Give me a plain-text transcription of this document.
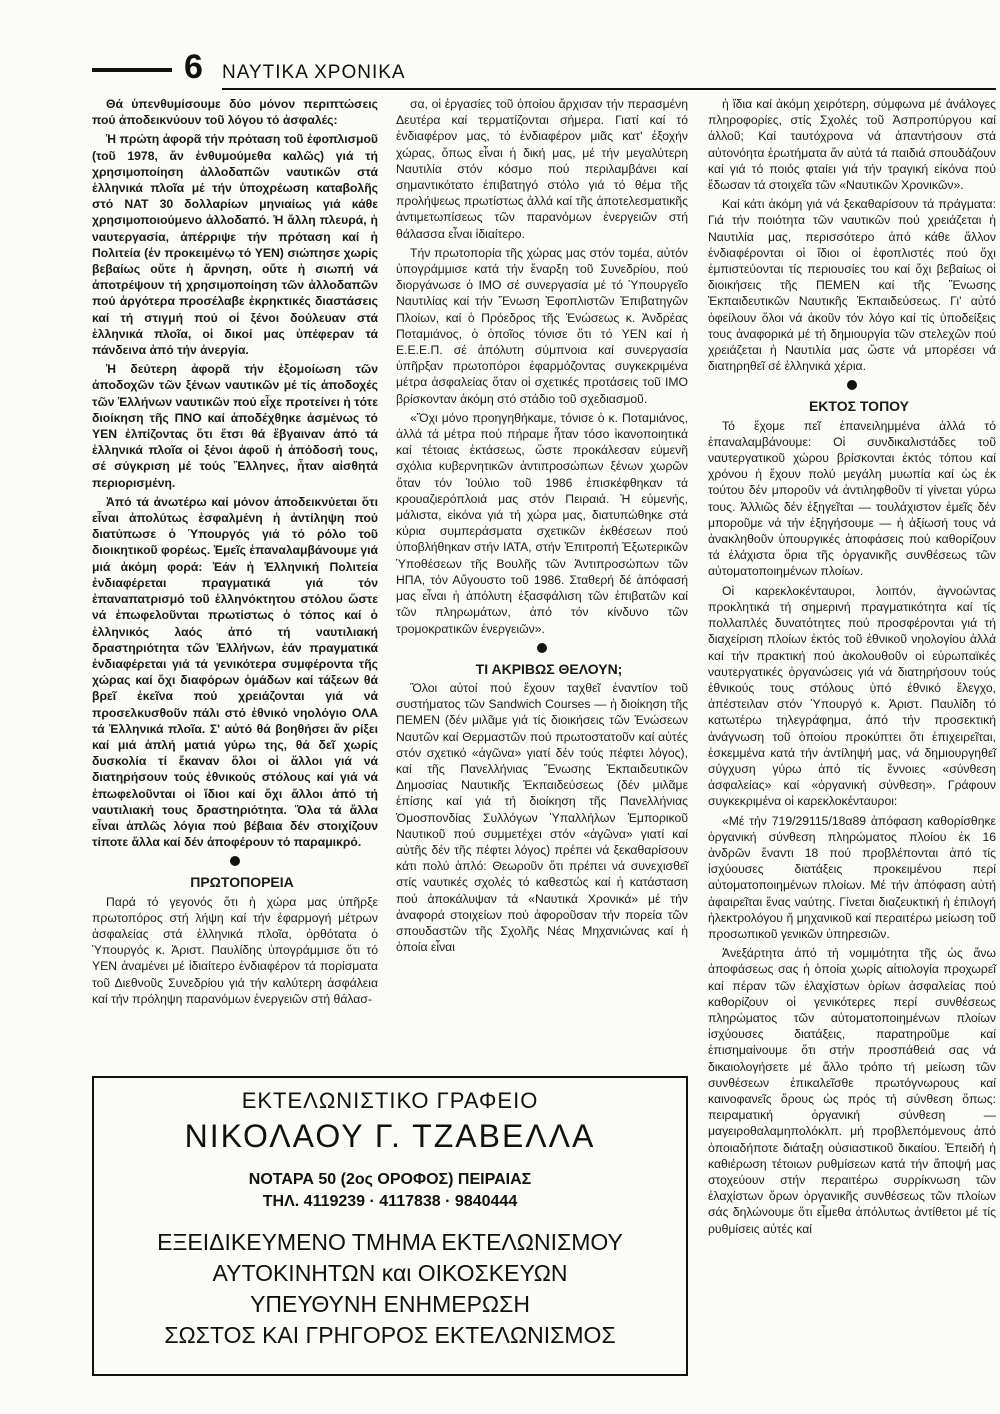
6 ΝΑΥΤΙΚΑ ΧΡΟΝΙΚΑ

Θά ὑπενθυμίσουμε δύο μόνον περιπτώσεις πού ἀποδεικνύουν τοῦ λόγου τό ἀσφαλές:

Ἡ πρώτη ἀφορᾶ τήν πρόταση τοῦ ἐφοπλισμοῦ (τοῦ 1978, ἄν ἐνθυμούμεθα καλῶς) γιά τή χρησιμοποίηση ἀλλοδαπῶν ναυτικῶν στά ἑλληνικά πλοῖα μέ τήν ὑποχρέωση καταβολῆς στό ΝΑΤ 30 δολλαρίων μηνιαίως γιά κάθε χρησιμοποιούμενο ἀλλοδαπό. Ἡ ἄλλη πλευρά, ἡ ναυτεργασία, ἀπέρριψε τήν πρόταση καί ἡ Πολιτεία (ἐν προκειμένῳ τό ΥΕΝ) σιώπησε χωρίς βεβαίως οὔτε ἡ ἄρνηση, οὔτε ἡ σιωπή νά ἀποτρέψουν τή χρησιμοποίηση τῶν ἀλλοδαπῶν πού ἀργότερα προσέλαβε ἐκρηκτικές διαστάσεις καί τή στιγμή πού οἱ ξένοι δούλευαν στά ἑλληνικά πλοῖα, οἱ δικοί μας ὑπέφεραν τά πάνδεινα ἀπό τήν ἀνεργία.

Ἡ δεύτερη ἀφορᾶ τήν ἐξομοίωση τῶν ἀποδοχῶν τῶν ξένων ναυτικῶν μέ τίς ἀποδοχές τῶν Ἑλλήνων ναυτικῶν πού εἶχε προτείνει ἡ τότε διοίκηση τῆς ΠΝΟ καί ἀποδέχθηκε ἀσμένως τό ΥΕΝ ἐλπίζοντας ὅτι ἔτσι θά ἔβγαιναν ἀπό τά ἑλληνικά πλοῖα οἱ ξένοι ἀφοῦ ἡ ἀπόδοσή τους, σέ σύγκριση μέ τούς Ἕλληνες, ἦταν αἰσθητά περιορισμένη.

Ἀπό τά ἀνωτέρω καί μόνον ἀποδεικνύεται ὅτι εἶναι ἀπολύτως ἐσφαλμένη ἡ ἀντίληψη πού διατύπωσε ὁ Ὑπουργός γιά τό ρόλο τοῦ διοικητικοῦ φορέως. Ἐμεῖς ἐπαναλαμβάνουμε γιά μιά ἀκόμη φορά: Ἐάν ἡ Ἑλληνική Πολιτεία ἐνδιαφέρεται πραγματικά γιά τόν ἐπαναπατρισμό τοῦ ἑλληνόκτητου στόλου ὥστε νά ἐπωφελοῦνται πρωτίστως ὁ τόπος καί ὁ ἑλληνικός λαός ἀπό τή ναυτιλιακή δραστηριότητα τῶν Ἑλλήνων, ἐάν πραγματικά ἐνδιαφέρεται γιά τά γενικότερα συμφέροντα τῆς χώρας καί ὄχι διαφόρων ὁμάδων καί τάξεων θά βρεῖ ἐκεῖνα πού χρειάζονται γιά νά προσελκυσθοῦν πάλι στό ἐθνικό νηολόγιο ΟΛΑ τά Ἑλληνικά πλοῖα. Σ' αὐτό θά βοηθήσει ἄν ρίξει καί μιά ἁπλή ματιά γύρω της, θά δεῖ χωρίς δυσκολία τί ἔκαναν ὅλοι οἱ ἄλλοι γιά νά διατηρήσουν τούς ἐθνικούς στόλους καί γιά νά ἐπωφελοῦνται οἱ ἴδιοι καί ὄχι ἄλλοι ἀπό τή ναυτιλιακή τους δραστηριότητα. Ὅλα τά ἄλλα εἶναι ἁπλῶς λόγια πού βέβαια δέν στοιχίζουν τίποτε ἄλλα καί δέν ἀποφέρουν τό παραμικρό.

ΠΡΩΤΟΠΟΡΕΙΑ

Παρά τό γεγονός ὅτι ἡ χώρα μας ὑπῆρξε πρωτοπόρος στή λήψη καί τήν ἐφαρμογή μέτρων ἀσφαλείας στά ἑλληνικά πλοῖα, ὀρθότατα ὁ Ὑπουργός κ. Ἀριστ. Παυλίδης ὑπογράμμισε ὅτι τό ΥΕΝ ἀναμένει μέ ἰδιαίτερο ἐνδιαφέρον τά πορίσματα τοῦ Διεθνοῦς Συνεδρίου γιά τήν καλύτερη ἀσφάλεια καί τήν πρόληψη παρανόμων ἐνεργειῶν στή θάλασ-

σα, οἱ ἐργασίες τοῦ ὁποίου ἄρχισαν τήν περασμένη Δευτέρα καί τερματίζονται σήμερα. Γιατί καί τό ἐνδιαφέρον μας, τό ἐνδιαφέρον μιᾶς κατ' ἐξοχήν χώρας, ὅπως εἶναι ἡ δική μας, μέ τήν μεγαλύτερη Ναυτιλία στόν κόσμο πού περιλαμβάνει καί σημαντικότατο ἐπιβατηγό στόλο γιά τό θέμα τῆς προλήψεως πρωτίστως ἀλλά καί τῆς ἀποτελεσματικῆς ἀντιμετωπίσεως τῶν παρανόμων ἐνεργειῶν στή θάλασσα εἶναι ἰδιαίτερο.

Τήν πρωτοπορία τῆς χώρας μας στόν τομέα, αὐτόν ὑπογράμμισε κατά τήν ἔναρξη τοῦ Συνεδρίου, πού διοργάνωσε ὁ ΙΜΟ σέ συνεργασία μέ τό Ὑπουργεῖο Ναυτιλίας καί τήν Ἕνωση Ἐφοπλιστῶν Ἐπιβατηγῶν Πλοίων, καί ὁ Πρόεδρος τῆς Ἑνώσεως κ. Ἀνδρέας Ποταμιάνος, ὁ ὁποῖος τόνισε ὅτι τό ΥΕΝ καί ἡ Ε.Ε.Ε.Π. σέ ἀπόλυτη σύμπνοια καί συνεργασία ὑπῆρξαν πρωτοπόροι ἐφαρμόζοντας συγκεκριμένα μέτρα ἀσφαλείας ὅταν οἱ σχετικές προτάσεις τοῦ ΙΜΟ βρίσκονταν ἀκόμη στό στάδιο τοῦ σχεδιασμοῦ.

«Ὄχι μόνο προηγηθήκαμε, τόνισε ὁ κ. Ποταμιάνος, ἀλλά τά μέτρα πού πήραμε ἦταν τόσο ἱκανοποιητικά καί τέτοιας ἐκτάσεως, ὥστε προκάλεσαν εὐμενῆ σχόλια κυβερνητικῶν ἀντιπροσώπων ξένων χωρῶν ὅταν τόν Ἰούλιο τοῦ 1986 ἐπισκέφθηκαν τά κρουαζιερόπλοιά μας στόν Πειραιά. Ἡ εὐμενής, μάλιστα, εἰκόνα γιά τή χώρα μας, διατυπώθηκε στά κύρια συμπεράσματα σχετικῶν ἐκθέσεων πού ὑποβλήθηκαν στήν ΙΑΤΑ, στήν Ἐπιτροπή Ἐξωτερικῶν Ὑποθέσεων τῆς Βουλῆς τῶν Ἀντιπροσώπων τῶν ΗΠΑ, τόν Αὔγουστο τοῦ 1986. Σταθερή δέ ἀπόφασή μας εἶναι ἡ ἀπόλυτη ἐξασφάλιση τῶν ἐπιβατῶν καί τῶν πληρωμάτων, ἀπό τόν κίνδυνο τῶν τρομοκρατικῶν ἐνεργειῶν».

ΤΙ ΑΚΡΙΒΩΣ ΘΕΛΟΥΝ;

Ὅλοι αὐτοί πού ἔχουν ταχθεῖ ἐναντίον τοῦ συστήματος τῶν Sandwich Courses — ἡ διοίκηση τῆς ΠΕΜΕΝ (δέν μιλᾶμε γιά τίς διοικήσεις τῶν Ἑνώσεων Ναυτῶν καί Θερμαστῶν πού πρωτοστατοῦν καί αὐτές στόν σχετικό «ἀγῶνα» γιατί δέν τούς πέφτει λόγος), καί τῆς Πανελλήνιας Ἕνωσης Ἐκπαιδευτικῶν Δημοσίας Ναυτικῆς Ἐκπαιδεύσεως (δέν μιλᾶμε ἐπίσης καί γιά τή διοίκηση τῆς Πανελλήνιας Ὁμοσπονδίας Συλλόγων Ὑπαλλήλων Ἐμπορικοῦ Ναυτικοῦ πού συμμετέχει στόν «ἀγῶνα» γιατί καί αὐτῆς δέν τῆς πέφτει λόγος) πρέπει νά ξεκαθαρίσουν κάτι πολύ ἁπλό: Θεωροῦν ὅτι πρέπει νά συνεχισθεῖ στίς ναυτικές σχολές τό καθεστώς καί ἡ κατάσταση πού ἀποκάλυψαν τά «Ναυτικά Χρονικά» μέ τήν ἀναφορά στοιχείων πού ἀφοροῦσαν τήν πορεία τῶν σπουδαστῶν τῆς Σχολῆς Νέας Μηχανιώνας καί ἡ ὁποία εἶναι

ἡ ἴδια καί ἀκόμη χειρότερη, σύμφωνα μέ ἀνάλογες πληροφορίες, στίς Σχολές τοῦ Ἀσπροπύργου καί ἀλλοῦ; Καί ταυτόχρονα νά ἀπαντήσουν στά αὐτονόητα ἐρωτήματα ἄν αὐτά τά παιδιά σπουδάζουν καί γιά τό ποιός φταίει γιά τήν τραγική εἰκόνα πού ἔδωσαν τά στοιχεῖα τῶν «Ναυτικῶν Χρονικῶν».

Καί κάτι ἀκόμη γιά νά ξεκαθαρίσουν τά πράγματα: Γιά τήν ποιότητα τῶν ναυτικῶν πού χρειάζεται ἡ Ναυτιλία μας, περισσότερο ἀπό κάθε ἄλλον ἐνδιαφέρονται οἱ ἴδιοι οἱ ἐφοπλιστές πού ὄχι ἐμπιστεύονται τίς περιουσίες του καί ὄχι βεβαίως οἱ διοικήσεις τῆς ΠΕΜΕΝ καί τῆς Ἕνωσης Ἐκπαιδευτικῶν Ναυτικῆς Ἐκπαιδεύσεως. Γι' αὐτό ὀφείλουν ὅλοι νά ἀκοῦν τόν λόγο καί τίς ὑποδείξεις τους ἀναφορικά μέ τή δημιουργία τῶν στελεχῶν πού χρειάζεται ἡ Ναυτιλία μας ὥστε νά μπορέσει νά διατηρηθεῖ σέ ἑλληνικά χέρια.

ΕΚΤΟΣ ΤΟΠΟΥ

Τό ἔχομε πεῖ ἐπανειλημμένα ἀλλά τό ἐπαναλαμβάνουμε: Οἱ συνδικαλιστάδες τοῦ ναυτεργατικοῦ χώρου βρίσκονται ἐκτός τόπου καί χρόνου ἡ ἔχουν πολύ μεγάλη μυωπία καί ὡς ἐκ τούτου δέν μποροῦν νά ἀντιληφθοῦν τί γίνεται γύρω τους. Ἀλλιῶς δέν ἐξηγεῖται — τουλάχιστον ἐμεῖς δέν μποροῦμε νά τήν ἐξηγήσουμε — ἡ ἀξίωσή τους νά ἀνακληθοῦν ὑπουργικές ἀποφάσεις πού καθορίζουν τά ἐλάχιστα ὅρια τῆς ὀργανικῆς συνθέσεως τῶν αὐτοματοποιημένων πλοίων.

Οἱ καρεκλοκένταυροι, λοιπόν, ἀγνοώντας προκλητικά τή σημερινή πραγματικότητα καί τίς πολλαπλές δυνατότητες πού προσφέρονται γιά τή διαχείριση πλοίων ἐκτός τοῦ ἐθνικοῦ νηολογίου ἀλλά καί τήν πρακτική πού ἀκολουθοῦν οἱ εὐρωπαϊκές ναυτεργατικές ὀργανώσεις γιά νά διατηρήσουν τούς ἐθνικούς τους στόλους ὑπό ἐθνικό ἔλεγχο, ἀπέστειλαν στόν Ὑπουργό κ. Ἀριστ. Παυλίδη τό κατωτέρω τηλεγράφημα, ἀπό τήν προσεκτική ἀνάγνωση τοῦ ὁποίου προκύπτει ὅτι ἐπιχειρεῖται, ἐσκεμμένα κατά τήν ἀντίληψή μας, νά δημιουργηθεῖ σύγχυση γύρω ἀπό τίς ἔννοιες «σύνθεση ἀσφαλείας» καί «ὀργανική σύνθεση». Γράφουν συγκεκριμένα οἱ καρεκλοκένταυροι:

«Μέ τήν 719/29115/18α89 ἀπόφαση καθορίσθηκε ὀργανική σύνθεση πληρώματος πλοίου ἐκ 16 ἀνδρῶν ἔναντι 18 πού προβλέπονται ἀπό τίς ἰσχύουσες διατάξεις προκειμένου περί αὐτοματοποιημένων πλοίων. Μέ τήν ἀπόφαση αὐτή ἀφαιρεῖται ἕνας ναύτης. Γίνεται διαζευκτική ἡ ἐπιλογή ἠλεκτρολόγου ἤ μηχανικοῦ καί περαιτέρω μείωση τοῦ προσωπικοῦ γενικῶν ὑπηρεσιῶν.

Ἀνεξάρτητα ἀπό τή νομιμότητα τῆς ὡς ἄνω ἀποφάσεως σας ἡ ὁποία χωρίς αἰτιολογία προχωρεῖ καί πέραν τῶν ἐλαχίστων ὁρίων ἀσφαλείας πού καθορίζουν οἱ γενικότερες περί συνθέσεως πληρώματος τῶν αὐτοματοποιημένων πλοίων ἰσχύουσες διατάξεις, παρατηροῦμε καί ἐπισημαίνουμε ὅτι στήν προσπάθειά σας νά δικαιολογήσετε μέ ἄλλο τρόπο τή μείωση τῶν συνθέσεων ἐπικαλεῖσθε πρωτόγνωρους καί καινοφανεῖς ὅρους ὡς πρός τή σύνθεση ὅπως: πειραματική ὀργανική σύνθεση — μαγειροθαλαμηπολόκλπ. μή προβλεπόμενους ἀπό ὁποιαδήποτε διάταξη οὐσιαστικοῦ δικαίου. Ἐπειδή ἡ καθιέρωση τέτοιων ρυθμίσεων κατά τήν ἄποψή μας στοχεύουν στήν περαιτέρω συρρίκνωση τῶν ἐλαχίστων ὅρων ὀργανικῆς συνθέσεως τῶν πλοίων σάς δηλώνουμε ὅτι εἶμεθα ἀπόλυτως ἀντίθετοι μέ τίς ρυθμίσεις αὐτές καί

ΕΚΤΕΛΩΝΙΣΤΙΚΟ ΓΡΑΦΕΙΟ
ΝΙΚΟΛΑΟΥ Γ. ΤΖΑΒΕΛΛΑ
ΝΟΤΑΡΑ 50 (2ος ΟΡΟΦΟΣ) ΠΕΙΡΑΙΑΣ
ΤΗΛ. 4119239 · 4117838 · 9840444
ΕΞΕΙΔΙΚΕΥΜΕΝΟ ΤΜΗΜΑ ΕΚΤΕΛΩΝΙΣΜΟΥ
ΑΥΤΟΚΙΝΗΤΩΝ και ΟΙΚΟΣΚΕΥΩΝ
ΥΠΕΥΘΥΝΗ ΕΝΗΜΕΡΩΣΗ
ΣΩΣΤΟΣ ΚΑΙ ΓΡΗΓΟΡΟΣ ΕΚΤΕΛΩΝΙΣΜΟΣ
